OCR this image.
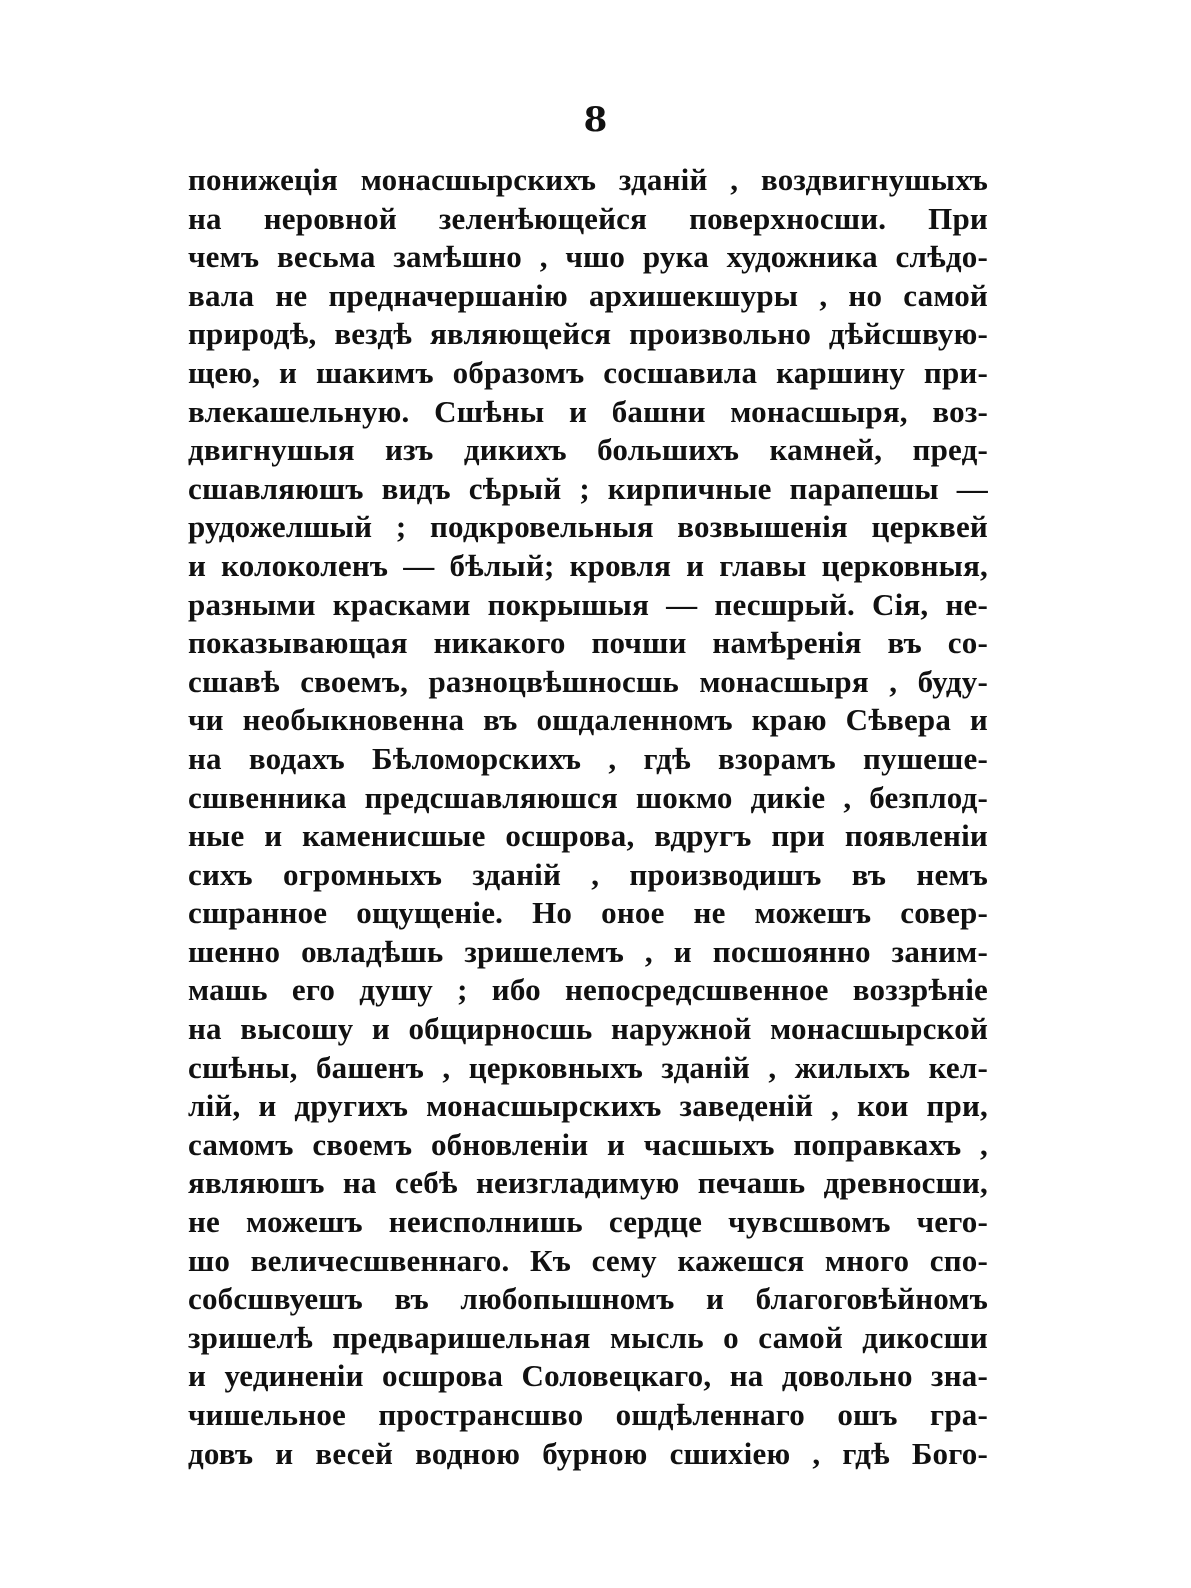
8
понижеція монасшырскихъ зданій , воздвигнушыхъ
на неровной зеленѣющейся поверхносши. При
чемъ весьма замѣшно , чшо рука художника слѣдо-
вала не предначершанію архишекшуры , но самой
природѣ, вездѣ являющейся произвольно дѣйсшвую-
щею, и шакимъ образомъ сосшавила каршину при-
влекашельную. Сшѣны и башни монасшыря, воз-
двигнушыя изъ дикихъ большихъ камней, пред-
сшавляюшъ видъ сѣрый ; кирпичные парапешы —
рудожелшый ; подкровельныя возвышенія церквей
и колоколенъ — бѣлый; кровля и главы церковныя,
разными красками покрышыя — песшрый. Сія, не-
показывающая никакого почши намѣренія въ со-
сшавѣ своемъ, разноцвѣшносшь монасшыря , буду-
чи необыкновенна въ ошдаленномъ краю Сѣвера и
на водахъ Бѣломорскихъ , гдѣ взорамъ пушеше-
сшвенника предсшавляюшся шокмо дикіе , безплод-
ные и каменисшые осшрова, вдругъ при появленіи
сихъ огромныхъ зданій , производишъ въ немъ
сшранное ощущеніе. Но оное не можешъ совер-
шенно овладѣшь зришелемъ , и посшоянно заним-
машь его душу ; ибо непосредсшвенное воззрѣніе
на высошу и общирносшь наружной монасшырской
сшѣны, башенъ , церковныхъ зданій , жилыхъ кел-
лій, и другихъ монасшырскихъ заведеній , кои при,
самомъ своемъ обновленіи и часшыхъ поправкахъ ,
являюшъ на себѣ неизгладимую печашь древносши,
не можешъ неисполнишь сердце чувсшвомъ чего-
шо величесшвеннаго. Къ сему кажешся много спо-
собсшвуешъ въ любопышномъ и благоговѣйномъ
зришелѣ предваришельная мысль о самой дикосши
и уединеніи осшрова Соловецкаго, на довольно зна-
чишельное пространсшво ошдѣленнаго ошъ гра-
довъ и весей водною бурною сшихіею , гдѣ Бого-
